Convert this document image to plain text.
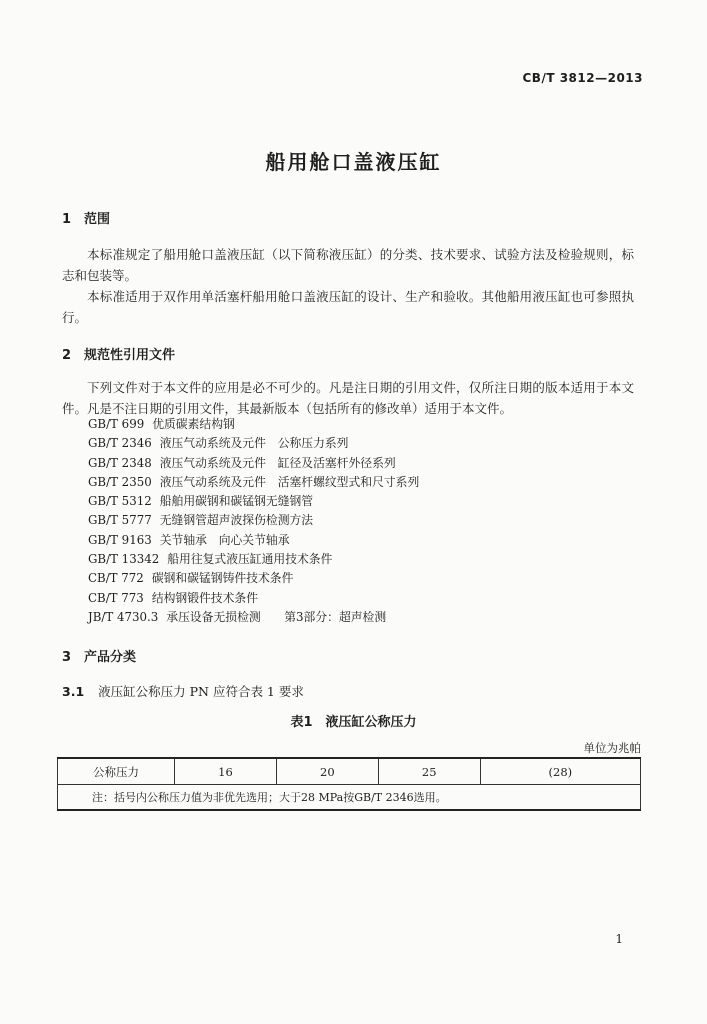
CB/T 3812—2013
船用舱口盖液压缸
1 范围
本标准规定了船用舱口盖液压缸（以下简称液压缸）的分类、技术要求、试验方法及检验规则，标志和包装等。
本标准适用于双作用单活塞杆船用舱口盖液压缸的设计、生产和验收。其他船用液压缸也可参照执行。
2 规范性引用文件
下列文件对于本文件的应用是必不可少的。凡是注日期的引用文件，仅所注日期的版本适用于本文件。凡是不注日期的引用文件，其最新版本（包括所有的修改单）适用于本文件。
GB/T 699 优质碳素结构钢
GB/T 2346 液压气动系统及元件　公称压力系列
GB/T 2348 液压气动系统及元件　缸径及活塞杆外径系列
GB/T 2350 液压气动系统及元件　活塞杆螺纹型式和尺寸系列
GB/T 5312 船舶用碳钢和碳锰钢无缝钢管
GB/T 5777 无缝钢管超声波探伤检测方法
GB/T 9163 关节轴承　向心关节轴承
GB/T 13342 船用往复式液压缸通用技术条件
CB/T 772 碳钢和碳锰钢铸件技术条件
CB/T 773 结构钢锻件技术条件
JB/T 4730.3 承压设备无损检测　　第3部分：超声检测
3 产品分类
3.1 液压缸公称压力 PN 应符合表 1 要求
表1　液压缸公称压力
单位为兆帕
公称压力	16	20	25	(28)
注：括号内公称压力值为非优先选用；大于28 MPa按GB/T 2346选用。
1
